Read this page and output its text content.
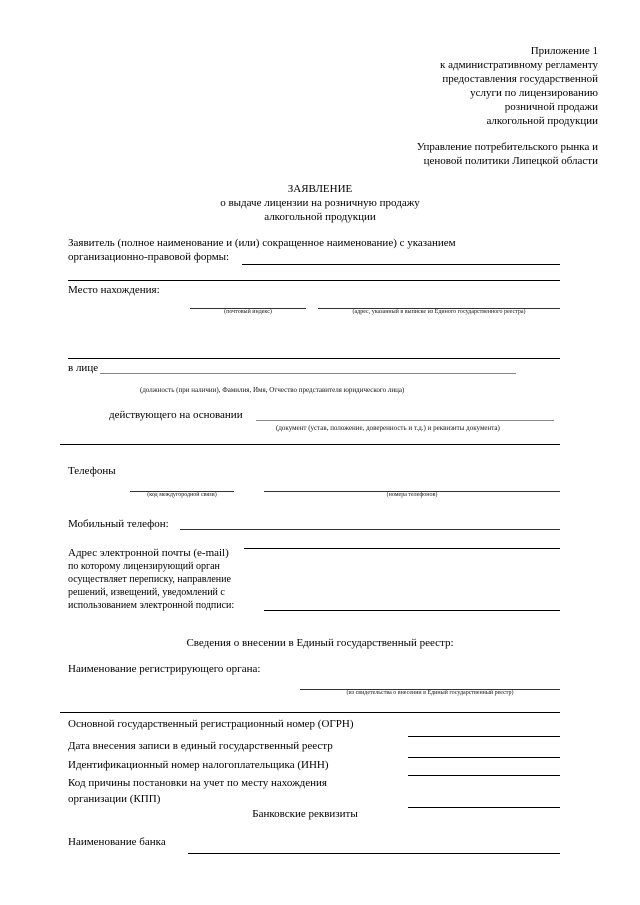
Приложение 1
к административному регламенту
предоставления государственной
услуги по лицензированию
розничной продажи
алкогольной продукции
Управление потребительского рынка и
ценовой политики Липецкой области
ЗАЯВЛЕНИЕ
о выдаче лицензии на розничную продажу
алкогольной продукции
Заявитель (полное наименование и (или) сокращенное наименование) с указанием
организационно-правовой формы:
Место нахождения:
(почтовый индекс)	(адрес, указанный в выписке из Единого государственного реестра)
в лице
(должность (при наличии), Фамилия, Имя, Отчество представителя юридического лица)
действующего на основании
(документ (устав, положение, доверенность и т.д.) и реквизиты документа)
Телефоны
(код междугородной связи)	(номера телефонов)
Мобильный телефон:
Адрес электронной почты (e-mail)
по которому лицензирующий орган
осуществляет переписку, направление
решений, извещений, уведомлений с
использованием электронной подписи:
Сведения о внесении в Единый государственный реестр:
Наименование регистрирующего органа:
(из свидетельства о внесении в Единый государственный реестр)
Основной государственный регистрационный номер (ОГРН)
Дата внесения записи в единый государственный реестр
Идентификационный номер налогоплательщика (ИНН)
Код причины постановки на учет по месту нахождения
организации (КПП)
Банковские реквизиты
Наименование банка
